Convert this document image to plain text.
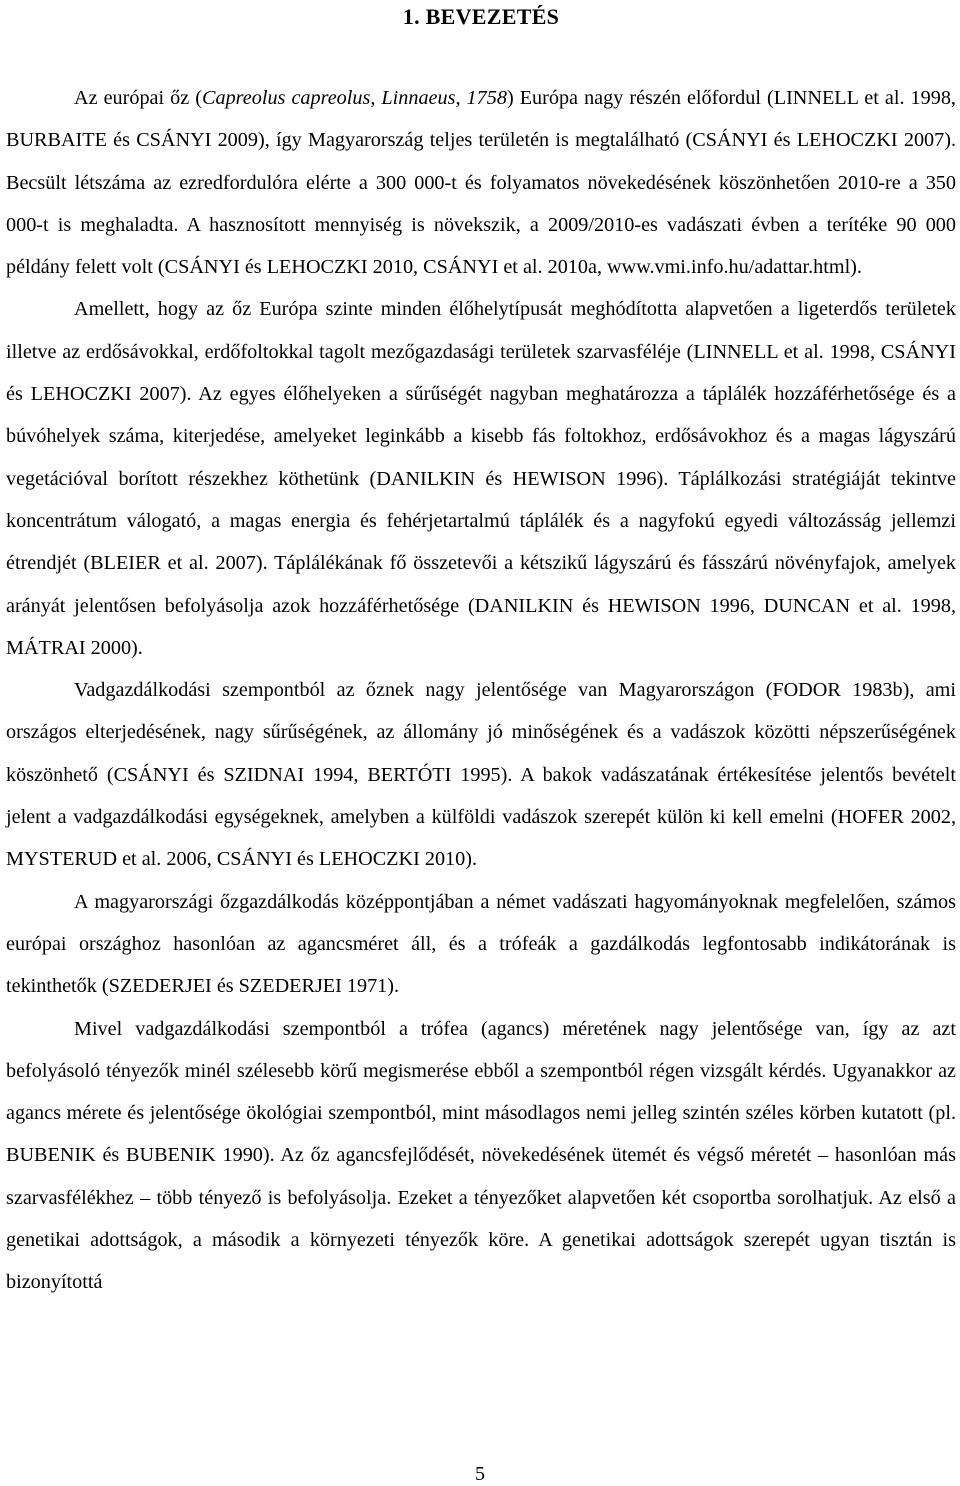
1. BEVEZETÉS

Az európai őz (Capreolus capreolus, Linnaeus, 1758) Európa nagy részén előfordul (LINNELL et al. 1998, BURBAITE és CSÁNYI 2009), így Magyarország teljes területén is megtalálható (CSÁNYI és LEHOCZKI 2007). Becsült létszáma az ezredfordulóra elérte a 300 000-t és folyamatos növekedésének köszönhetően 2010-re a 350 000-t is meghaladta. A hasznosított mennyiség is növekszik, a 2009/2010-es vadászati évben a terítéke 90 000 példány felett volt (CSÁNYI és LEHOCZKI 2010, CSÁNYI et al. 2010a, www.vmi.info.hu/adattar.html).

Amellett, hogy az őz Európa szinte minden élőhelytípusát meghódította alapvetően a ligeterdős területek illetve az erdősávokkal, erdőfoltokkal tagolt mezőgazdasági területek szarvasféléje (LINNELL et al. 1998, CSÁNYI és LEHOCZKI 2007). Az egyes élőhelyeken a sűrűségét nagyban meghatározza a táplálék hozzáférhetősége és a búvóhelyek száma, kiterjedése, amelyeket leginkább a kisebb fás foltokhoz, erdősávokhoz és a magas lágyszárú vegetációval borított részekhez köthetünk (DANILKIN és HEWISON 1996). Táplálkozási stratégiáját tekintve koncentrátum válogató, a magas energia és fehérjetartalmú táplálék és a nagyfokú egyedi változásság jellemzi étrendjét (BLEIER et al. 2007). Táplálékának fő összetevői a kétszikű lágyszárú és fásszárú növényfajok, amelyek arányát jelentősen befolyásolja azok hozzáférhetősége (DANILKIN és HEWISON 1996, DUNCAN et al. 1998, MÁTRAI 2000).

Vadgazdálkodási szempontból az őznek nagy jelentősége van Magyarországon (FODOR 1983b), ami országos elterjedésének, nagy sűrűségének, az állomány jó minőségének és a vadászok közötti népszerűségének köszönhető (CSÁNYI és SZIDNAI 1994, BERTÓTI 1995). A bakok vadászatának értékesítése jelentős bevételt jelent a vadgazdálkodási egységeknek, amelyben a külföldi vadászok szerepét külön ki kell emelni (HOFER 2002, MYSTERUD et al. 2006, CSÁNYI és LEHOCZKI 2010).

A magyarországi őzgazdálkodás középpontjában a német vadászati hagyományoknak megfelelően, számos európai országhoz hasonlóan az agancsméret áll, és a trófeák a gazdálkodás legfontosabb indikátorának is tekinthetők (SZEDERJEI és SZEDERJEI 1971).

Mivel vadgazdálkodási szempontból a trófea (agancs) méretének nagy jelentősége van, így az azt befolyásoló tényezők minél szélesebb körű megismerése ebből a szempontból régen vizsgált kérdés. Ugyanakkor az agancs mérete és jelentősége ökológiai szempontból, mint másodlagos nemi jelleg szintén széles körben kutatott (pl. BUBENIK és BUBENIK 1990). Az őz agancsfejlődését, növekedésének ütemét és végső méretét – hasonlóan más szarvasfélékhez – több tényező is befolyásolja. Ezeket a tényezőket alapvetően két csoportba sorolhatjuk. Az első a genetikai adottságok, a második a környezeti tényezők köre. A genetikai adottságok szerepét ugyan tisztán is bizonyítottá

5
